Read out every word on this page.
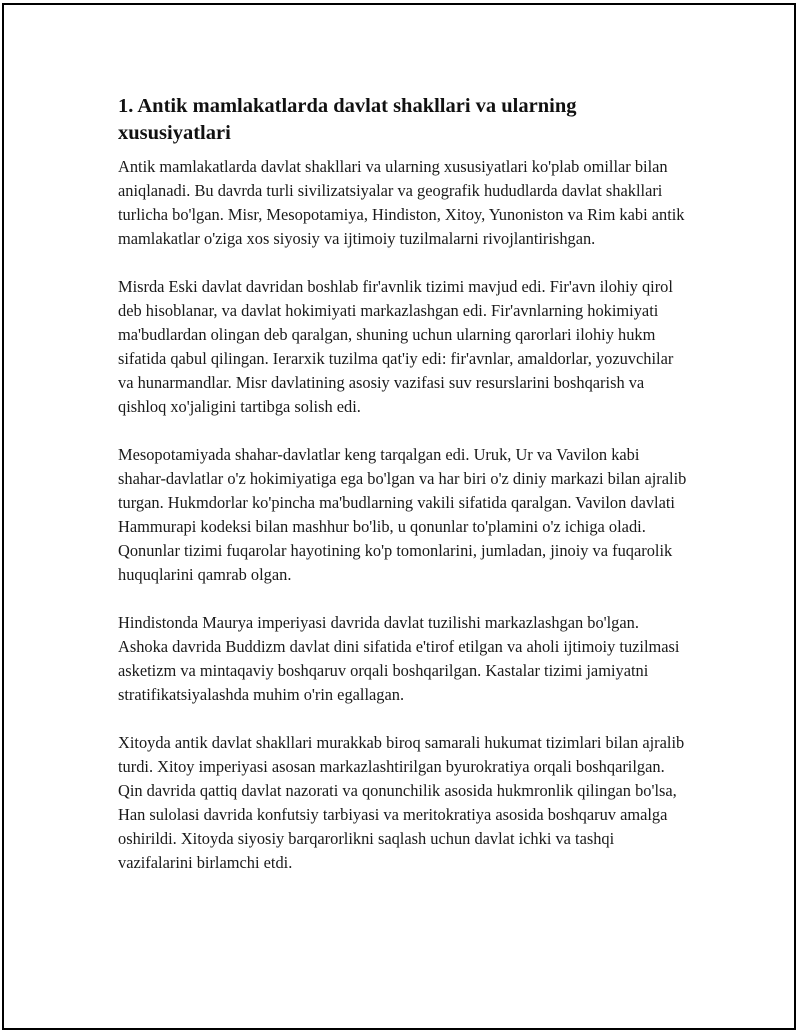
1. Antik mamlakatlarda davlat shakllari va ularning xususiyatlari

Antik mamlakatlarda davlat shakllari va ularning xususiyatlari ko'plab omillar bilan aniqlanadi. Bu davrda turli sivilizatsiyalar va geografik hududlarda davlat shakllari turlicha bo'lgan. Misr, Mesopotamiya, Hindiston, Xitoy, Yunoniston va Rim kabi antik mamlakatlar o'ziga xos siyosiy va ijtimoiy tuzilmalarni rivojlantirishgan.

Misrda Eski davlat davridan boshlab fir'avnlik tizimi mavjud edi. Fir'avn ilohiy qirol deb hisoblanar, va davlat hokimiyati markazlashgan edi. Fir'avnlarning hokimiyati ma'budlardan olingan deb qaralgan, shuning uchun ularning qarorlari ilohiy hukm sifatida qabul qilingan. Ierarxik tuzilma qat'iy edi: fir'avnlar, amaldorlar, yozuvchilar va hunarmandlar. Misr davlatining asosiy vazifasi suv resurslarini boshqarish va qishloq xo'jaligini tartibga solish edi.

Mesopotamiyada shahar-davlatlar keng tarqalgan edi. Uruk, Ur va Vavilon kabi shahar-davlatlar o'z hokimiyatiga ega bo'lgan va har biri o'z diniy markazi bilan ajralib turgan. Hukmdorlar ko'pincha ma'budlarning vakili sifatida qaralgan. Vavilon davlati Hammurapi kodeksi bilan mashhur bo'lib, u qonunlar to'plamini o'z ichiga oladi. Qonunlar tizimi fuqarolar hayotining ko'p tomonlarini, jumladan, jinoiy va fuqarolik huquqlarini qamrab olgan.

Hindistonda Maurya imperiyasi davrida davlat tuzilishi markazlashgan bo'lgan. Ashoka davrida Buddizm davlat dini sifatida e'tirof etilgan va aholi ijtimoiy tuzilmasi asketizm va mintaqaviy boshqaruv orqali boshqarilgan. Kastalar tizimi jamiyatni stratifikatsiyalashda muhim o'rin egallagan.

Xitoyda antik davlat shakllari murakkab biroq samarali hukumat tizimlari bilan ajralib turdi. Xitoy imperiyasi asosan markazlashtirilgan byurokratiya orqali boshqarilgan. Qin davrida qattiq davlat nazorati va qonunchilik asosida hukmronlik qilingan bo'lsa, Han sulolasi davrida konfutsiy tarbiyasi va meritokratiya asosida boshqaruv amalga oshirildi. Xitoyda siyosiy barqarorlikni saqlash uchun davlat ichki va tashqi vazifalarini birlamchi etdi.
